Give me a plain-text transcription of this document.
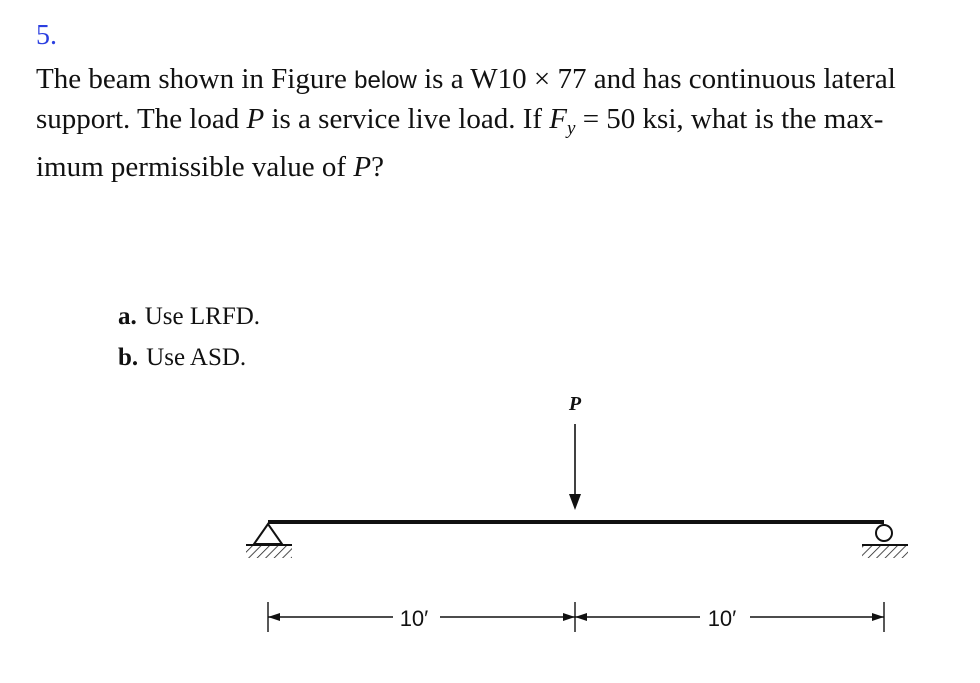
5.
The beam shown in Figure below is a W10 × 77 and has continuous lateral
support. The load P is a service live load. If $F_y = 50$ ksi, what is the max-
imum permissible value of P?
a. Use LRFD.
b. Use ASD.
P
10′	10′
